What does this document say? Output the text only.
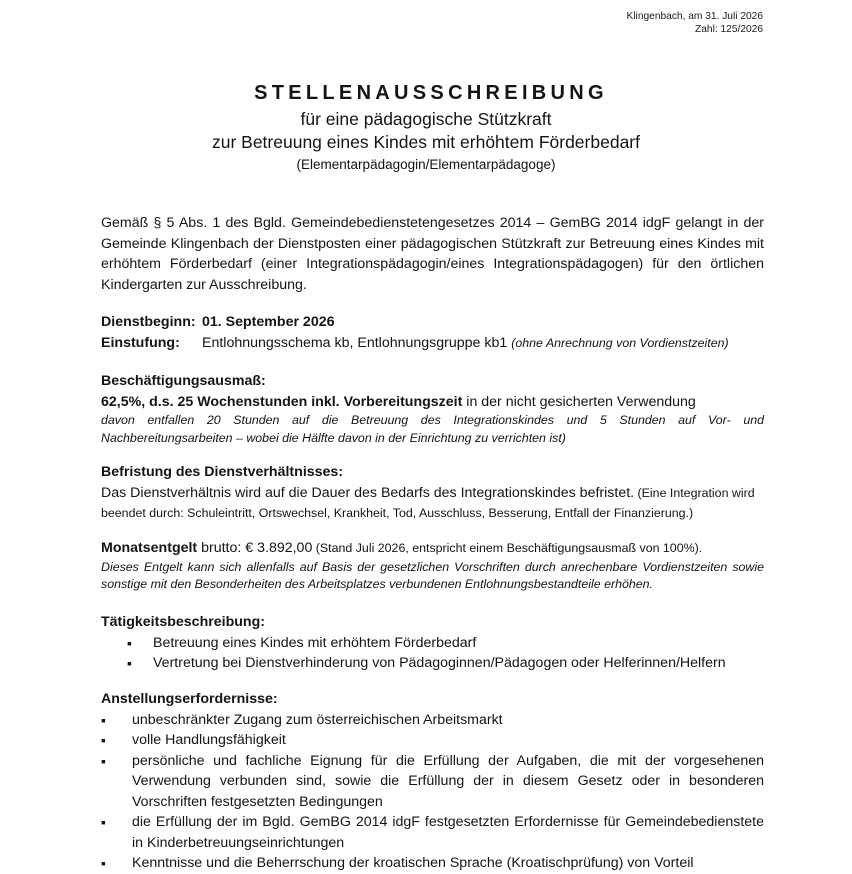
Klingenbach, am 31. Juli 2026
Zahl: 125/2026
STELLENAUSSCHREIBUNG
für eine pädagogische Stützkraft
zur Betreuung eines Kindes mit erhöhtem Förderbedarf
(Elementarpädagogin/Elementarpädagoge)

Gemäß § 5 Abs. 1 des Bgld. Gemeindebedienstetengesetzes 2014 – GemBG 2014 idgF gelangt in der Gemeinde Klingenbach der Dienstposten einer pädagogischen Stützkraft zur Betreuung eines Kindes mit erhöhtem Förderbedarf (einer Integrationspädagogin/eines Integrationspädagogen) für den örtlichen Kindergarten zur Ausschreibung.

Dienstbeginn: 01. September 2026
Einstufung:	Entlohnungsschema kb, Entlohnungsgruppe kb1 (ohne Anrechnung von Vordienstzeiten)
Beschäftigungsausmaß:
62,5%, d.s. 25 Wochenstunden inkl. Vorbereitungszeit in der nicht gesicherten Verwendung
davon entfallen 20 Stunden auf die Betreuung des Integrationskindes und 5 Stunden auf Vor- und Nachbereitungsarbeiten – wobei die Hälfte davon in der Einrichtung zu verrichten ist)
Befristung des Dienstverhältnisses:
Das Dienstverhältnis wird auf die Dauer des Bedarfs des Integrationskindes befristet. (Eine Integration wird beendet durch: Schuleintritt, Ortswechsel, Krankheit, Tod, Ausschluss, Besserung, Entfall der Finanzierung.)
Monatsentgelt brutto: € 3.892,00 (Stand Juli 2026, entspricht einem Beschäftigungsausmaß von 100%).
Dieses Entgelt kann sich allenfalls auf Basis der gesetzlichen Vorschriften durch anrechenbare Vordienstzeiten sowie sonstige mit den Besonderheiten des Arbeitsplatzes verbundenen Entlohnungsbestandteile erhöhen.
Tätigkeitsbeschreibung:
▪ Betreuung eines Kindes mit erhöhtem Förderbedarf
▪ Vertretung bei Dienstverhinderung von Pädagoginnen/Pädagogen oder Helferinnen/Helfern
Anstellungserfordernisse:
▪ unbeschränkter Zugang zum österreichischen Arbeitsmarkt
▪ volle Handlungsfähigkeit
▪ persönliche und fachliche Eignung für die Erfüllung der Aufgaben, die mit der vorgesehenen Verwendung verbunden sind, sowie die Erfüllung der in diesem Gesetz oder in besonderen Vorschriften festgesetzten Bedingungen
▪ die Erfüllung der im Bgld. GemBG 2014 idgF festgesetzten Erfordernisse für Gemeindebedienstete in Kinderbetreuungseinrichtungen
▪ Kenntnisse und die Beherrschung der kroatischen Sprache (Kroatischprüfung) von Vorteil
